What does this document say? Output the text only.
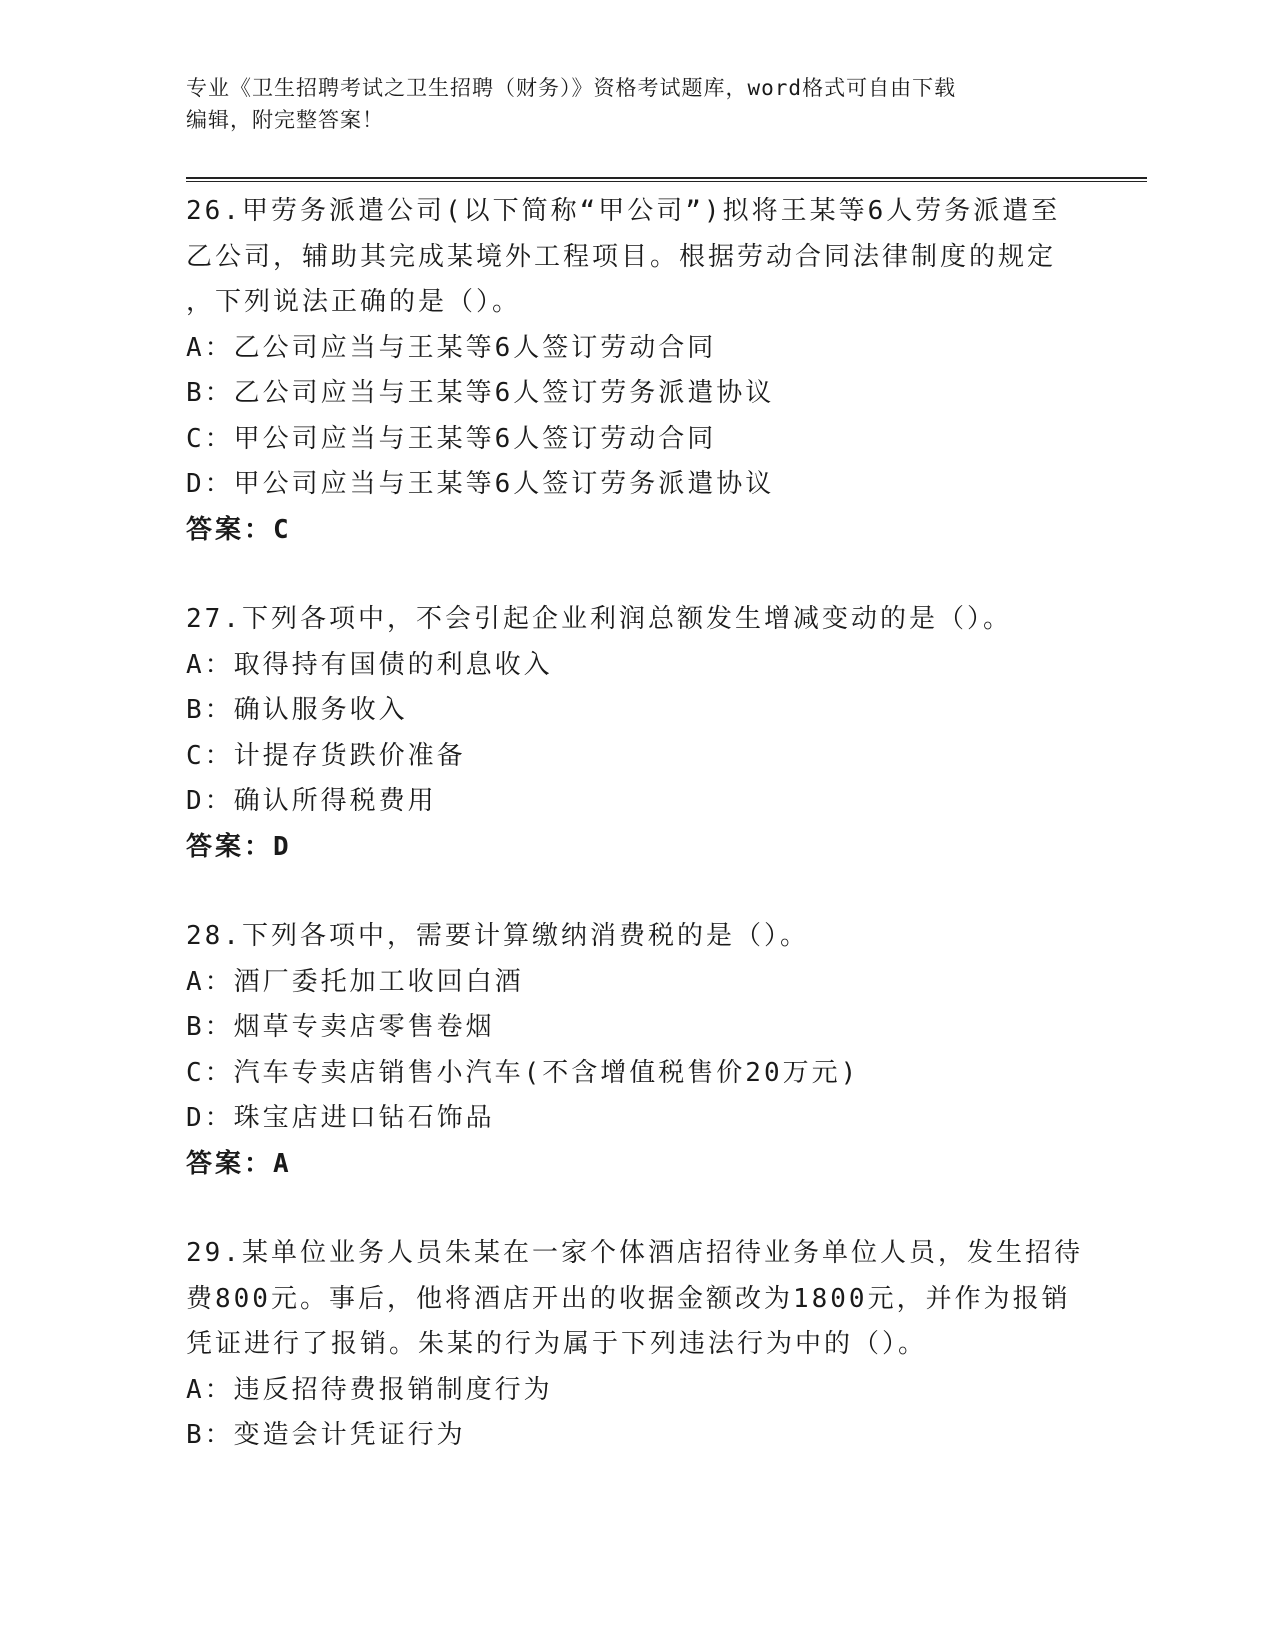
专业《卫生招聘考试之卫生招聘（财务）》资格考试题库，word格式可自由下载
编辑，附完整答案！
26.甲劳务派遣公司(以下简称“甲公司”)拟将王某等6人劳务派遣至
乙公司，辅助其完成某境外工程项目。根据劳动合同法律制度的规定
，下列说法正确的是（）。
A：乙公司应当与王某等6人签订劳动合同
B：乙公司应当与王某等6人签订劳务派遣协议
C：甲公司应当与王某等6人签订劳动合同
D：甲公司应当与王某等6人签订劳务派遣协议
答案：C
27.下列各项中，不会引起企业利润总额发生增减变动的是（）。
A：取得持有国债的利息收入
B：确认服务收入
C：计提存货跌价准备
D：确认所得税费用
答案：D
28.下列各项中，需要计算缴纳消费税的是（）。
A：酒厂委托加工收回白酒
B：烟草专卖店零售卷烟
C：汽车专卖店销售小汽车(不含增值税售价20万元)
D：珠宝店进口钻石饰品
答案：A
29.某单位业务人员朱某在一家个体酒店招待业务单位人员，发生招待
费800元。事后，他将酒店开出的收据金额改为1800元，并作为报销
凭证进行了报销。朱某的行为属于下列违法行为中的（）。
A：违反招待费报销制度行为
B：变造会计凭证行为
